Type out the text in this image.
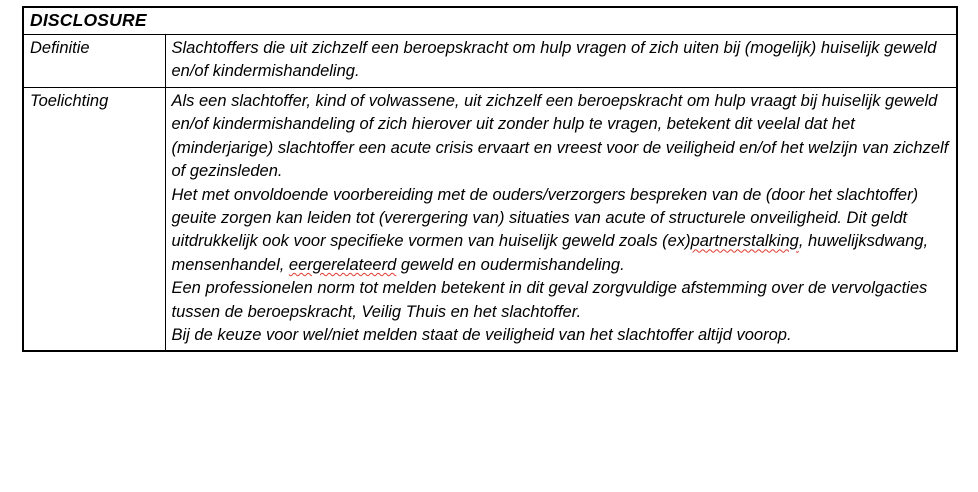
DISCLOSURE	
Definitie	Slachtoffers die uit zichzelf een beroepskracht om hulp vragen of zich uiten bij (mogelijk) huiselijk geweld en/of kindermishandeling.

Toelichting	Als een slachtoffer, kind of volwassene, uit zichzelf een beroepskracht om hulp vraagt bij huiselijk geweld en/of kindermishandeling of zich hierover uit zonder hulp te vragen, betekent dit veelal dat het (minderjarige) slachtoffer een acute crisis ervaart en vreest voor de veiligheid en/of het welzijn van zichzelf of gezinsleden.

Het met onvoldoende voorbereiding met de ouders/verzorgers bespreken van de (door het slachtoffer) geuite zorgen kan leiden tot (verergering van) situaties van acute of structurele onveiligheid. Dit geldt uitdrukkelijk ook voor specifieke vormen van huiselijk geweld zoals (ex)partnerstalking, huwelijksdwang, mensenhandel, eergerelateerd geweld en oudermishandeling.

Een professionelen norm tot melden betekent in dit geval zorgvuldige afstemming over de vervolgacties tussen de beroepskracht, Veilig Thuis en het slachtoffer.

Bij de keuze voor wel/niet melden staat de veiligheid van het slachtoffer altijd voorop.
